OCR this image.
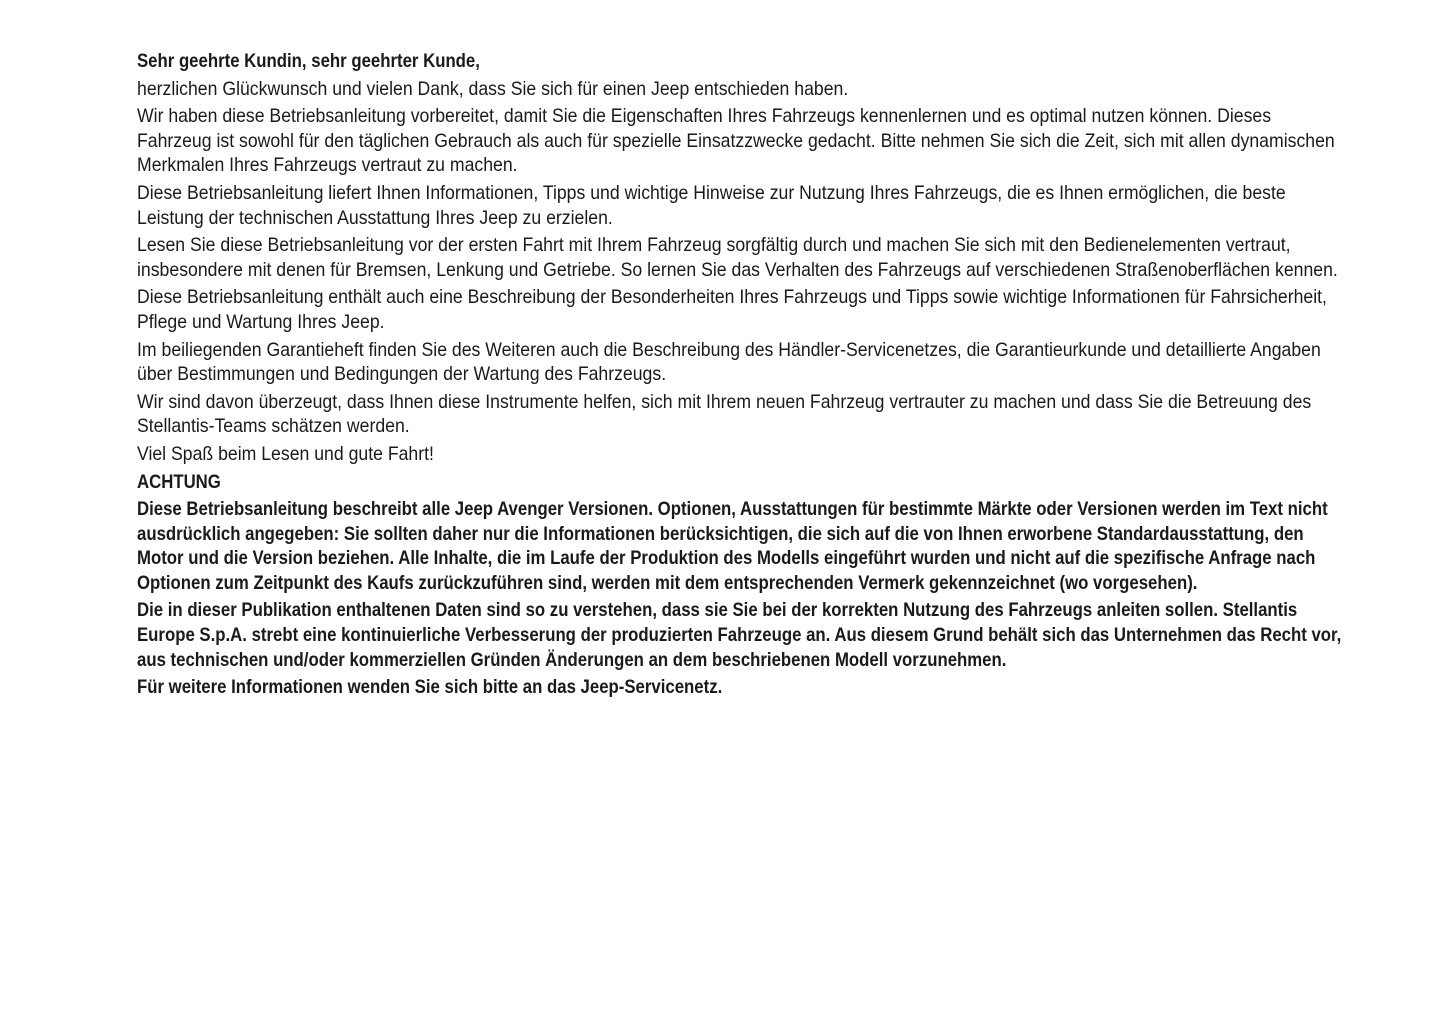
Sehr geehrte Kundin, sehr geehrter Kunde,

herzlichen Glückwunsch und vielen Dank, dass Sie sich für einen Jeep entschieden haben.

Wir haben diese Betriebsanleitung vorbereitet, damit Sie die Eigenschaften Ihres Fahrzeugs kennenlernen und es optimal nutzen können. Dieses Fahrzeug ist sowohl für den täglichen Gebrauch als auch für spezielle Einsatzzwecke gedacht. Bitte nehmen Sie sich die Zeit, sich mit allen dynamischen Merkmalen Ihres Fahrzeugs vertraut zu machen.

Diese Betriebsanleitung liefert Ihnen Informationen, Tipps und wichtige Hinweise zur Nutzung Ihres Fahrzeugs, die es Ihnen ermöglichen, die beste Leistung der technischen Ausstattung Ihres Jeep zu erzielen.

Lesen Sie diese Betriebsanleitung vor der ersten Fahrt mit Ihrem Fahrzeug sorgfältig durch und machen Sie sich mit den Bedienelementen vertraut, insbesondere mit denen für Bremsen, Lenkung und Getriebe. So lernen Sie das Verhalten des Fahrzeugs auf verschiedenen Straßenoberflächen kennen.

Diese Betriebsanleitung enthält auch eine Beschreibung der Besonderheiten Ihres Fahrzeugs und Tipps sowie wichtige Informationen für Fahrsicherheit, Pflege und Wartung Ihres Jeep.

Im beiliegenden Garantieheft finden Sie des Weiteren auch die Beschreibung des Händler-Servicenetzes, die Garantieurkunde und detaillierte Angaben über Bestimmungen und Bedingungen der Wartung des Fahrzeugs.

Wir sind davon überzeugt, dass Ihnen diese Instrumente helfen, sich mit Ihrem neuen Fahrzeug vertrauter zu machen und dass Sie die Betreuung des Stellantis-Teams schätzen werden.

Viel Spaß beim Lesen und gute Fahrt!

ACHTUNG

Diese Betriebsanleitung beschreibt alle Jeep Avenger Versionen. Optionen, Ausstattungen für bestimmte Märkte oder Versionen werden im Text nicht ausdrücklich angegeben: Sie sollten daher nur die Informationen berücksichtigen, die sich auf die von Ihnen erworbene Standardausstattung, den Motor und die Version beziehen. Alle Inhalte, die im Laufe der Produktion des Modells eingeführt wurden und nicht auf die spezifische Anfrage nach Optionen zum Zeitpunkt des Kaufs zurückzuführen sind, werden mit dem entsprechenden Vermerk gekennzeichnet (wo vorgesehen).

Die in dieser Publikation enthaltenen Daten sind so zu verstehen, dass sie Sie bei der korrekten Nutzung des Fahrzeugs anleiten sollen. Stellantis Europe S.p.A. strebt eine kontinuierliche Verbesserung der produzierten Fahrzeuge an. Aus diesem Grund behält sich das Unternehmen das Recht vor, aus technischen und/oder kommerziellen Gründen Änderungen an dem beschriebenen Modell vorzunehmen.

Für weitere Informationen wenden Sie sich bitte an das Jeep-Servicenetz.
